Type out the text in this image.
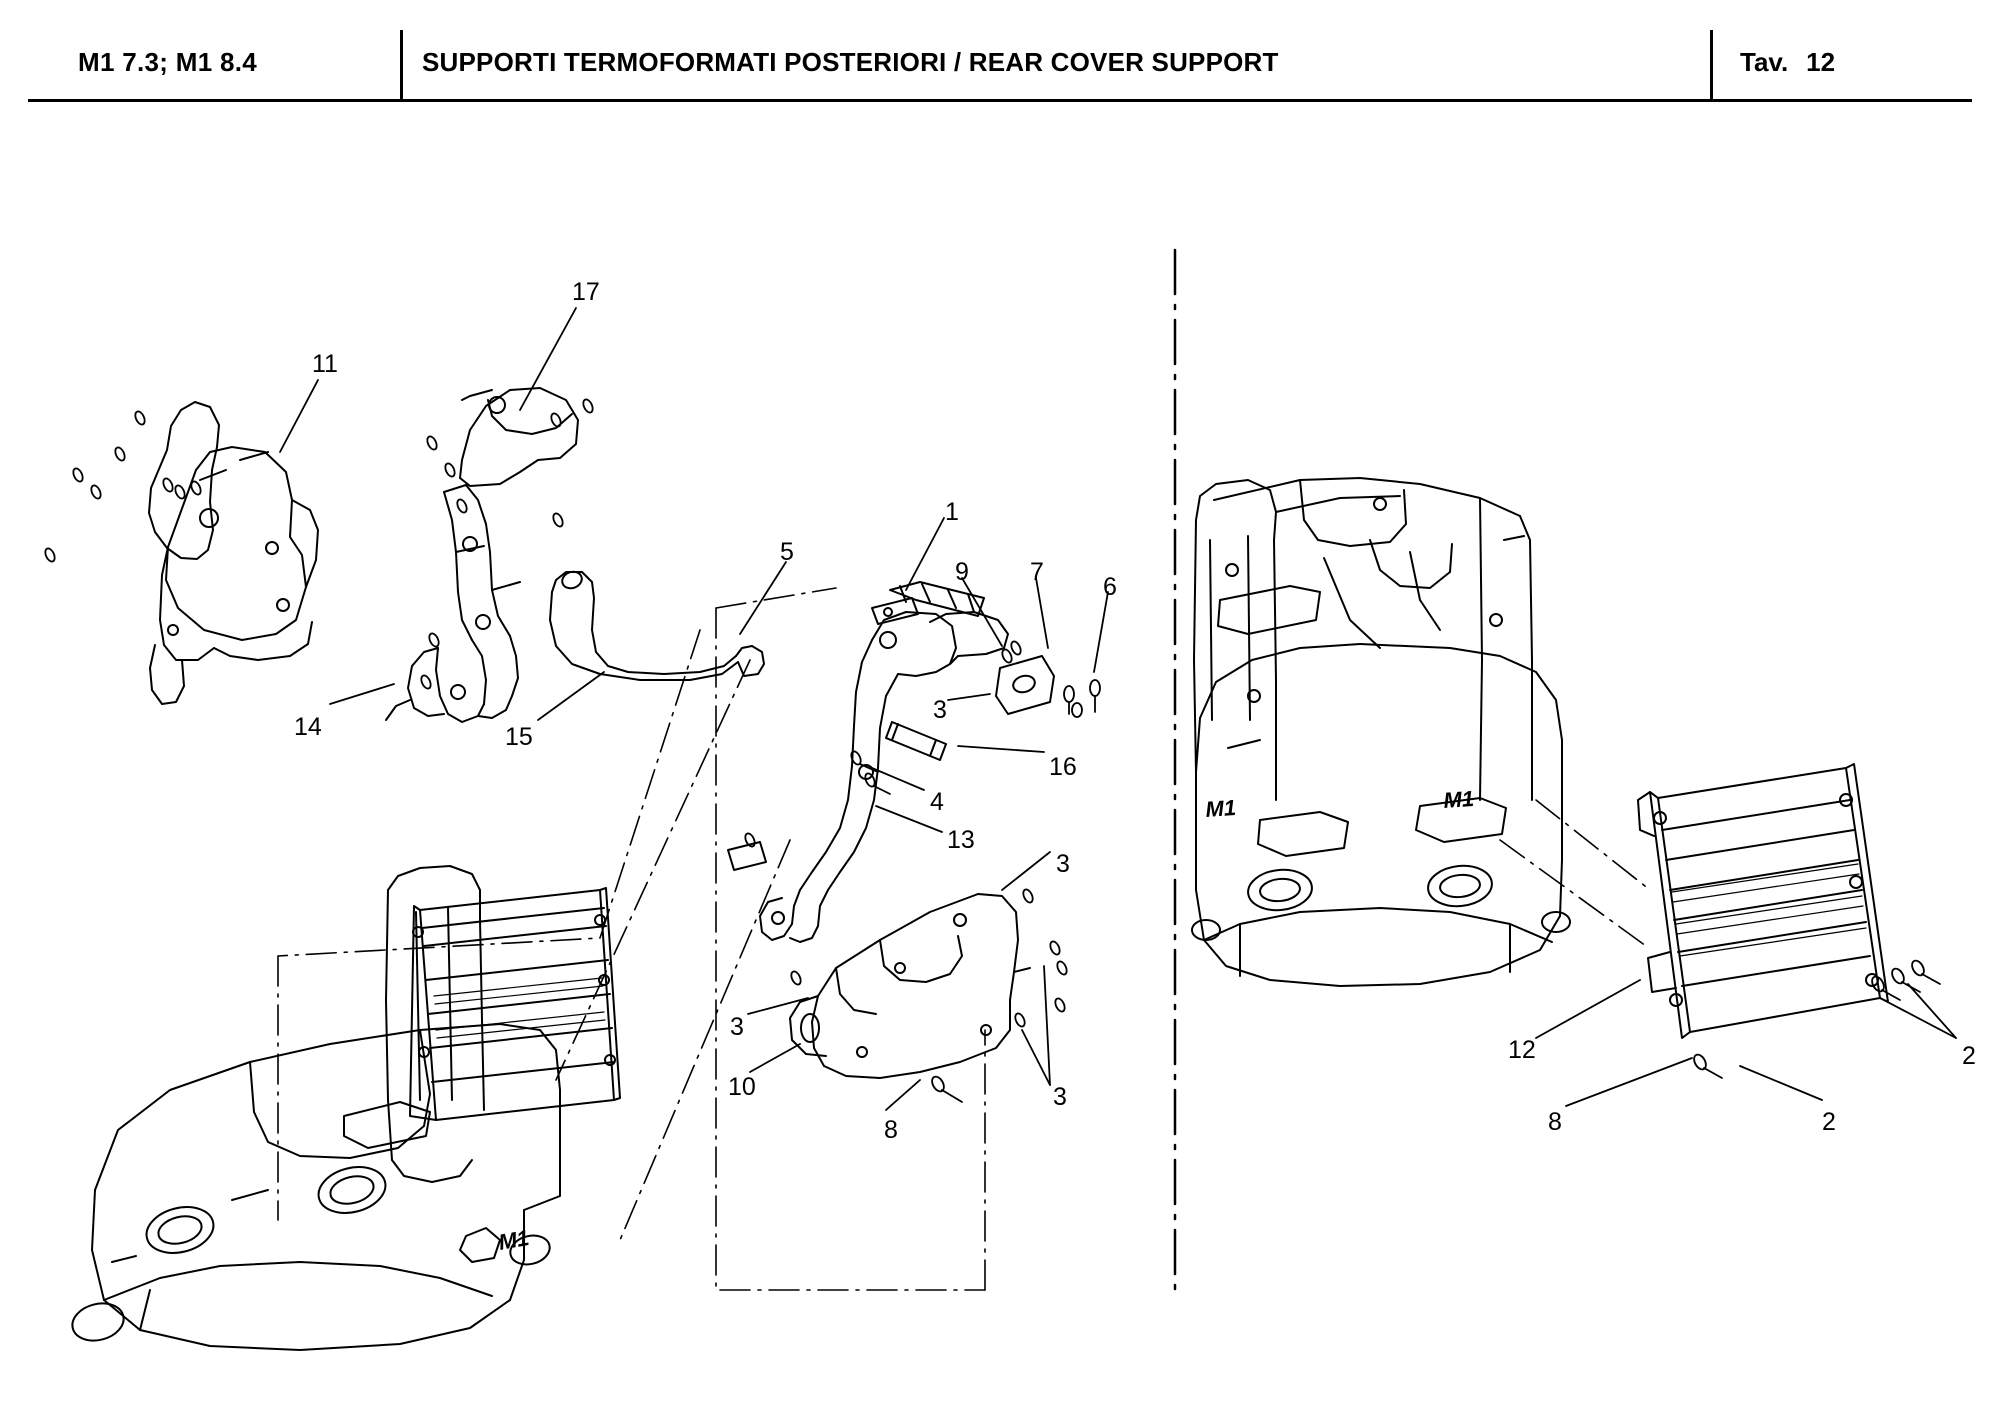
M1 7.3; M1 8.4	SUPPORTI TERMOFORMATI POSTERIORI / REAR COVER SUPPORT	Tav. 12
M1
M1	M1
11
17
14	15
5
1
9 7
6
3
16
4
13
3
3
10	3
8
12
8	2
2
